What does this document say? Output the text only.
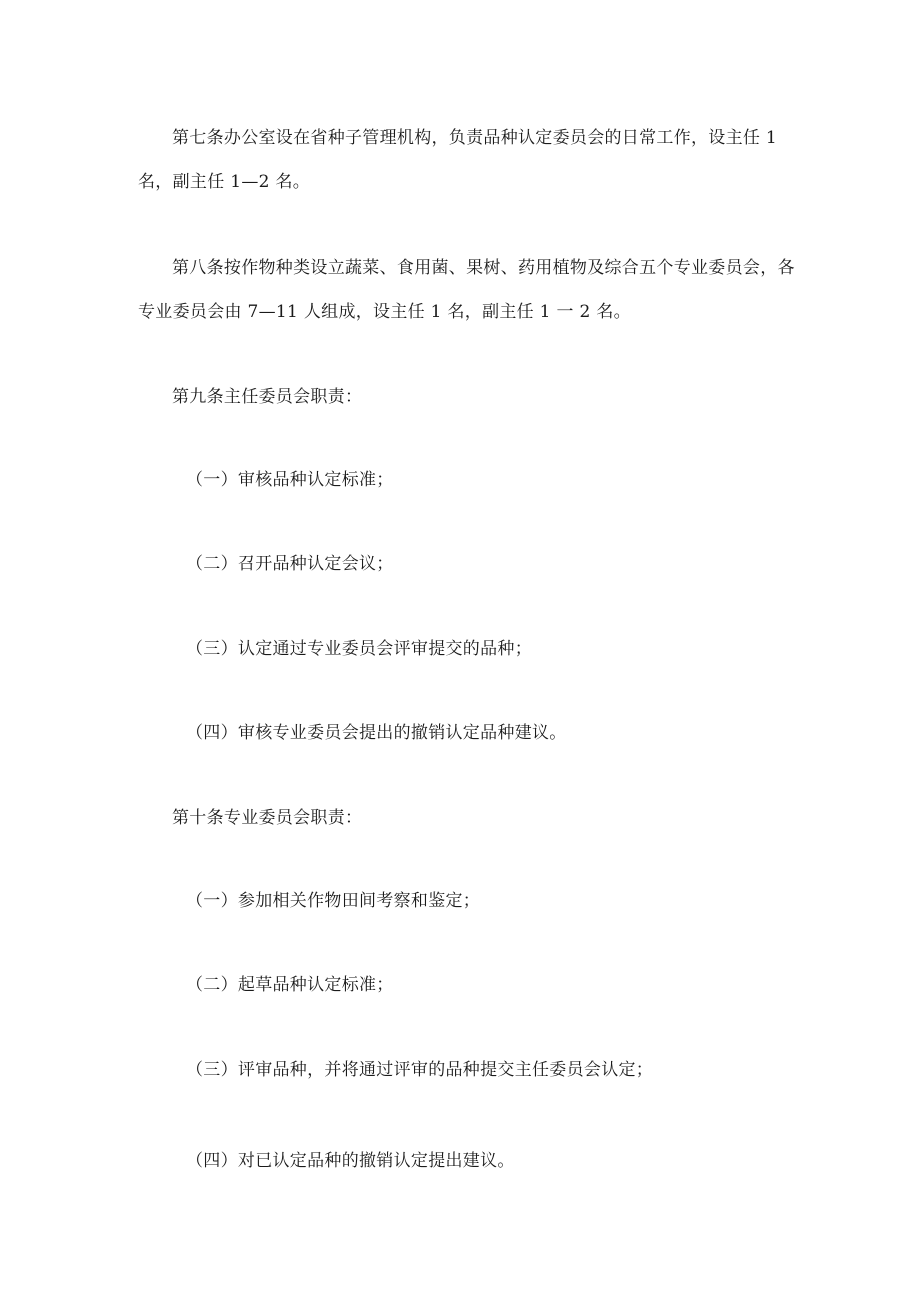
第七条办公室设在省种子管理机构，负责品种认定委员会的日常工作，设主任 1
名，副主任 1—2 名。
第八条按作物种类设立蔬菜、食用菌、果树、药用植物及综合五个专业委员会，各
专业委员会由 7—11 人组成，设主任 1 名，副主任 1 一 2 名。
第九条主任委员会职责：
（一）审核品种认定标准；
（二）召开品种认定会议；
（三）认定通过专业委员会评审提交的品种；
（四）审核专业委员会提出的撤销认定品种建议。
第十条专业委员会职责：
（一）参加相关作物田间考察和鉴定；
（二）起草品种认定标准；
（三）评审品种，并将通过评审的品种提交主任委员会认定；
（四）对已认定品种的撤销认定提出建议。
